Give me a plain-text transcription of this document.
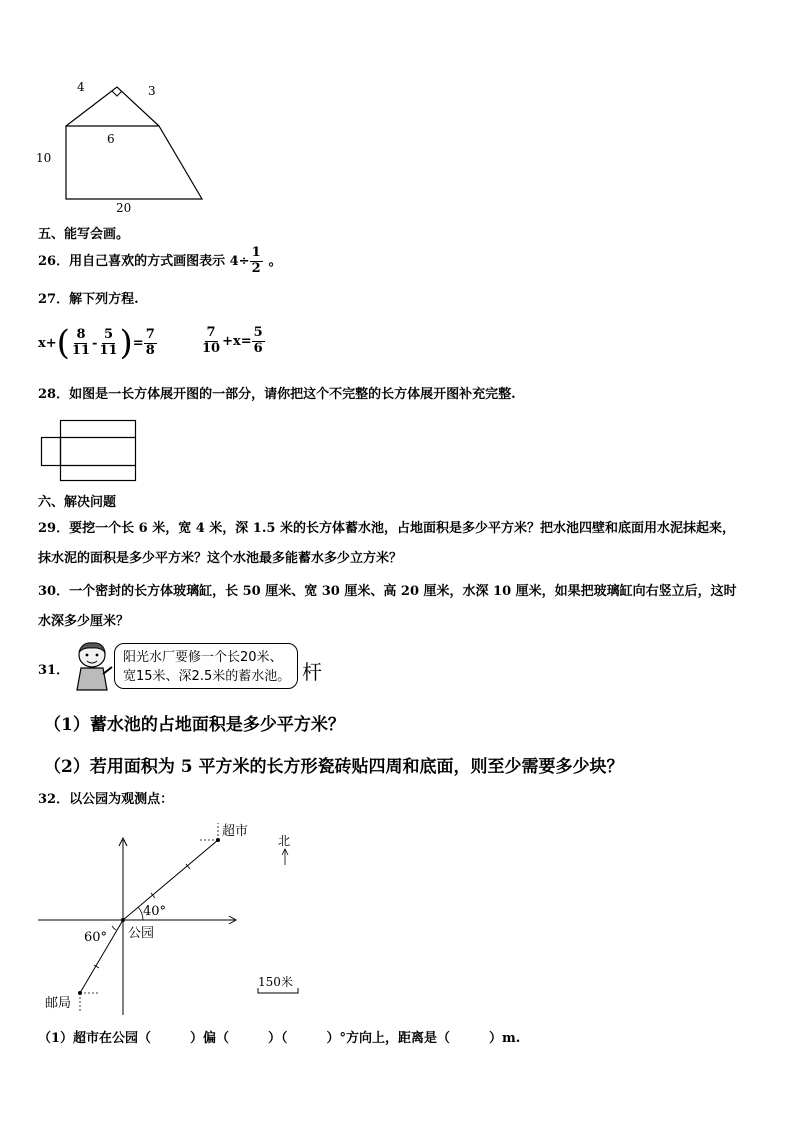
4	3
6
10
20
五、能写会画。
26．用自己喜欢的方式画图表示 $4\div \frac{1}{2}$ 。
27．解下列方程.
x+ ( $\frac{8}{11} - \frac{5}{11}$ ) = $\frac{7}{8}$	$\frac{7}{10} +x= \frac{5}{6}$
28．如图是一长方体展开图的一部分，请你把这个不完整的长方体展开图补充完整.
六、解决问题
29．要挖一个长 6 米，宽 4 米，深 1.5 米的长方体蓄水池，占地面积是多少平方米？把水池四壁和底面用水泥抹起来，
抹水泥的面积是多少平方米？这个水池最多能蓄水多少立方米？
30．一个密封的长方体玻璃缸，长 50 厘米、宽 30 厘米、高 20 厘米，水深 10 厘米，如果把玻璃缸向右竖立后，这时
水深多少厘米？
31．
阳光水厂要修一个长20米、
宽15米、深2.5米的蓄水池。 杆
（1）蓄水池的占地面积是多少平方米？
（2）若用面积为 5 平方米的长方形瓷砖贴四周和底面，则至少需要多少块？
32．以公园为观测点：
超市
北
40°
60° 公园
邮局
150米
（1）超市在公园（　　　）偏（　　　）（　　　）°方向上，距离是（　　　）m.
